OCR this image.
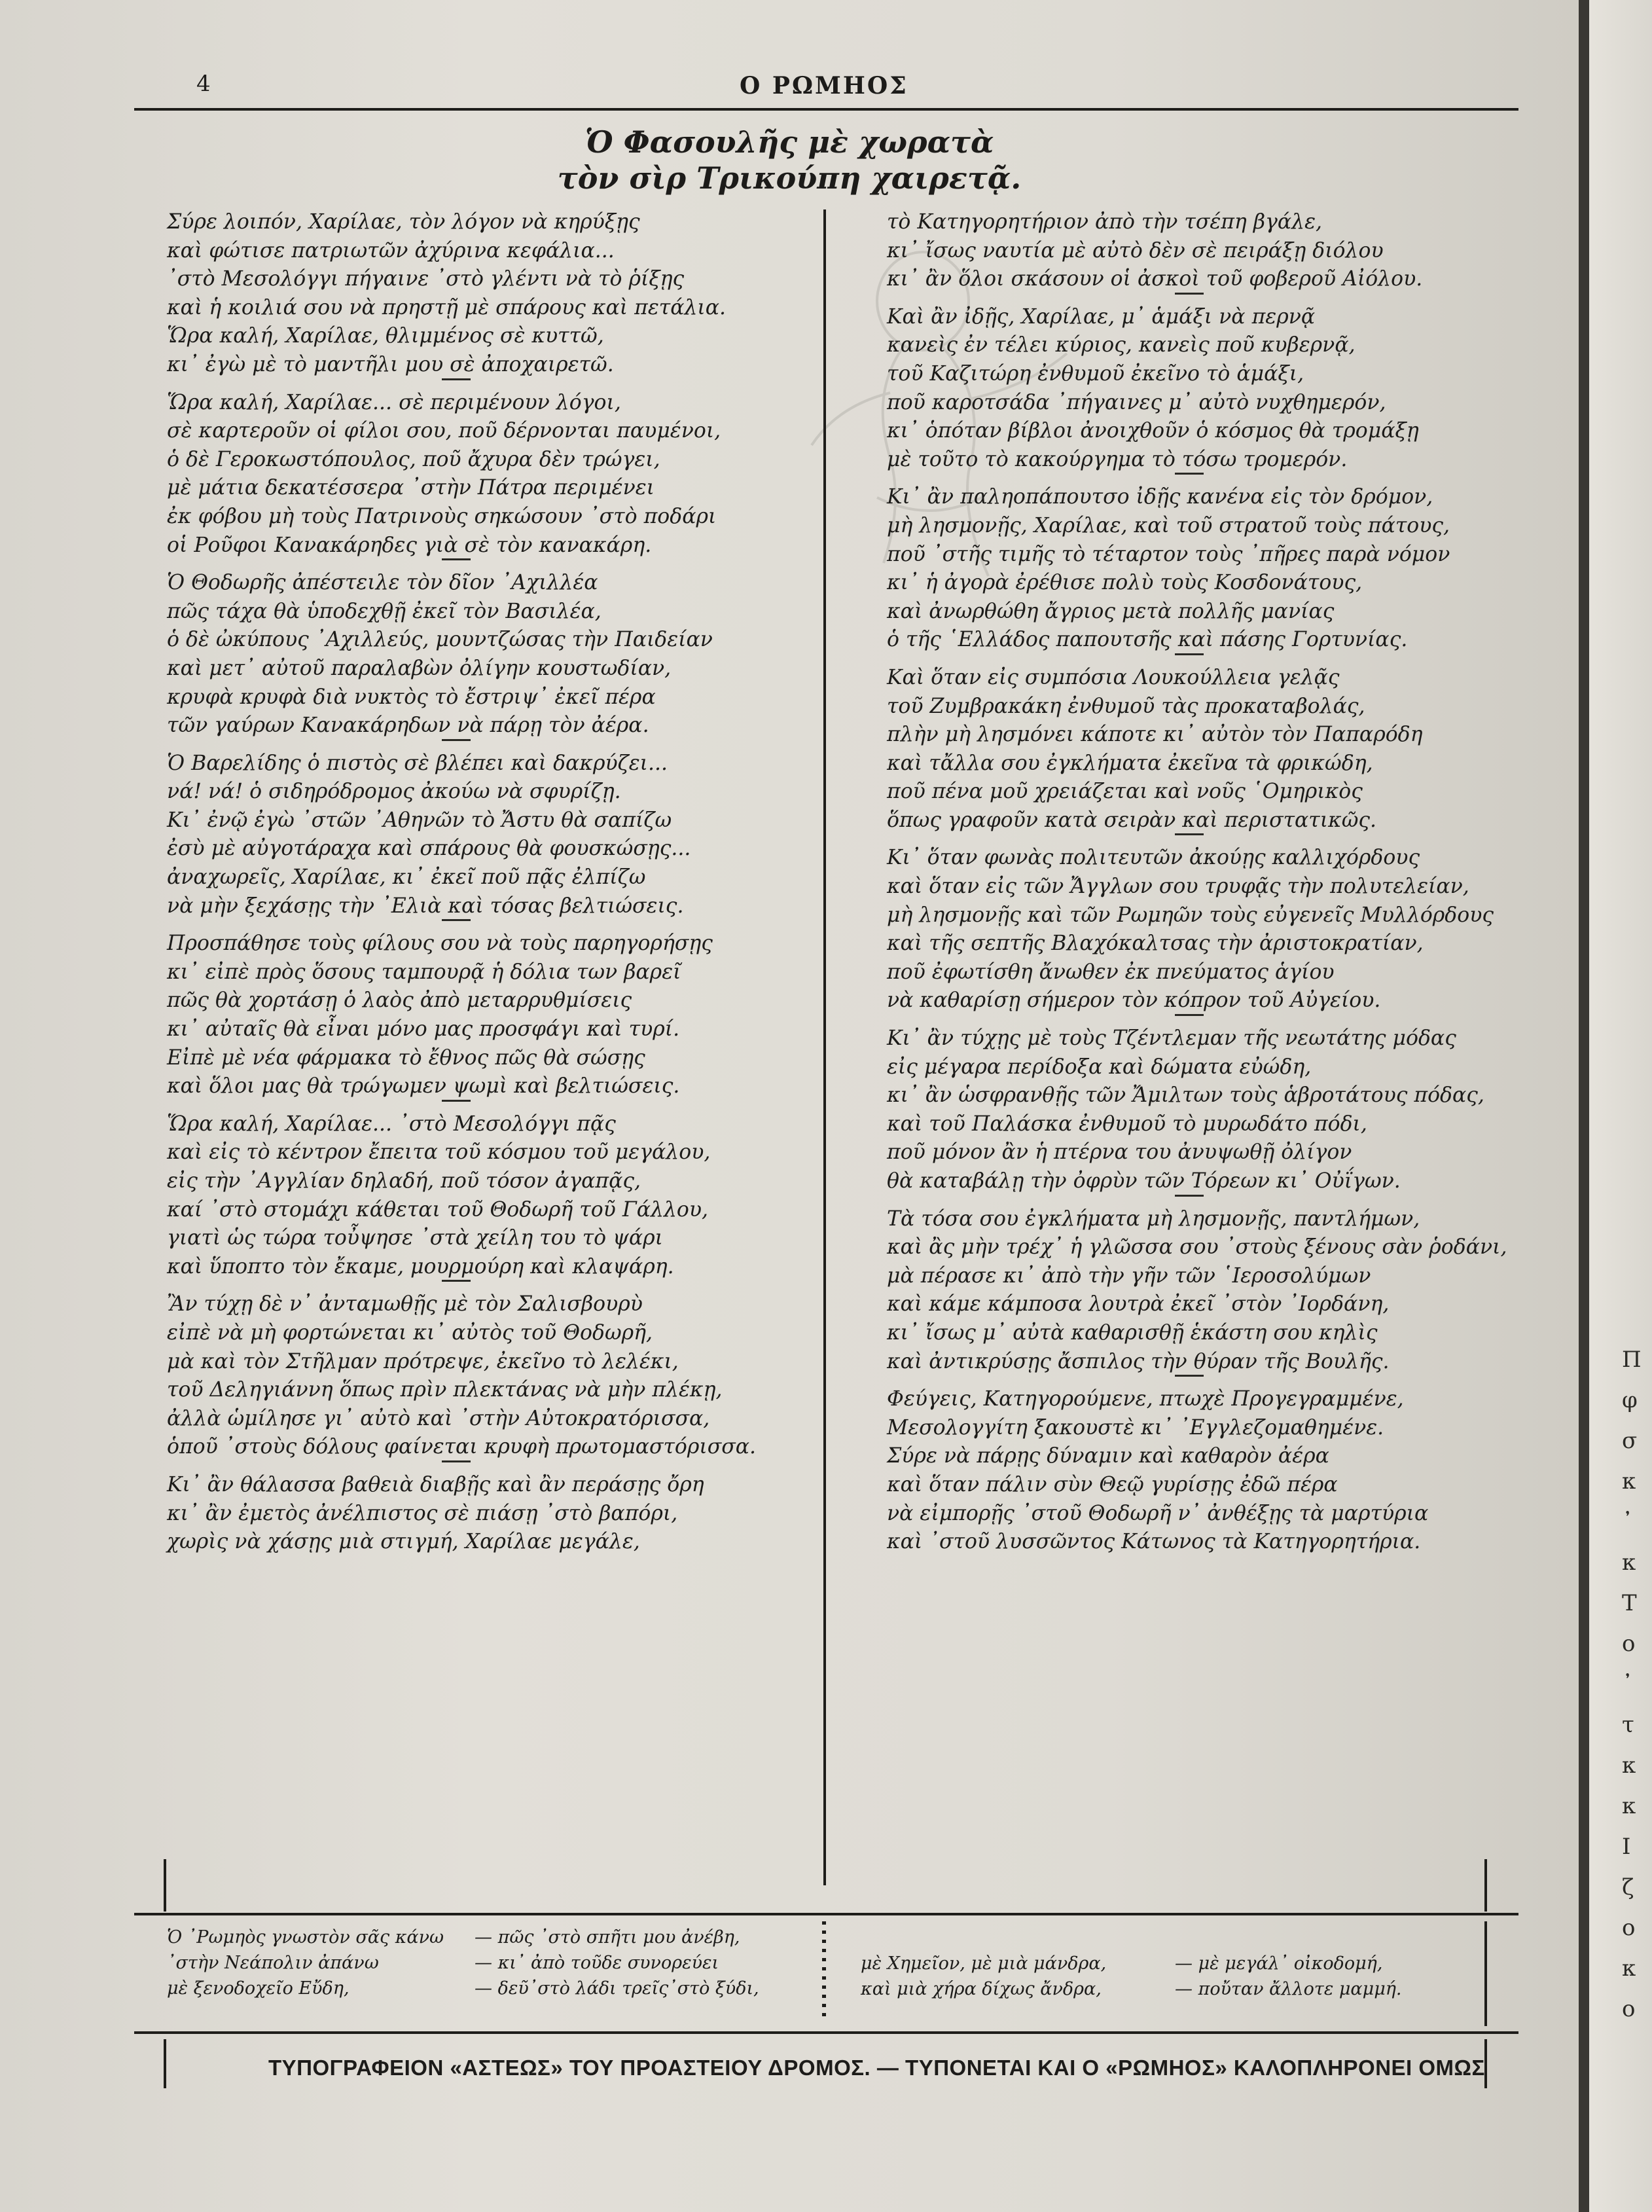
4	Ο ΡΩΜΗΟΣ
Ὁ Φασουλῆς μὲ χωρατὰ
τὸν σὶρ Τρικούπη χαιρετᾷ.

Σύρε λοιπόν, Χαρίλαε, τὸν λόγον νὰ κηρύξῃς

καὶ φώτισε πατριωτῶν ἀχύρινα κεφάλια...

᾽στὸ Μεσολόγγι πήγαινε ᾽στὸ γλέντι νὰ τὸ ῥίξῃς

καὶ ἡ κοιλιά σου νὰ πρηστῇ μὲ σπάρους καὶ πετάλια.

Ὥρα καλή, Χαρίλαε, θλιμμένος σὲ κυττῶ,

κι᾽ ἐγὼ μὲ τὸ μαντῆλι μου σὲ ἀποχαιρετῶ.

Ὥρα καλή, Χαρίλαε... σὲ περιμένουν λόγοι,

σὲ καρτεροῦν οἱ φίλοι σου, ποῦ δέρνονται παυμένοι,

ὁ δὲ Γεροκωστόπουλος, ποῦ ἄχυρα δὲν τρώγει,

μὲ μάτια δεκατέσσερα ᾽στὴν Πάτρα περιμένει

ἐκ φόβου μὴ τοὺς Πατρινοὺς σηκώσουν ᾽στὸ ποδάρι

οἱ Ροῦφοι Κανακάρηδες γιὰ σὲ τὸν κανακάρη.

Ὁ Θοδωρῆς ἀπέστειλε τὸν δῖον ᾽Αχιλλέα

πῶς τάχα θὰ ὑποδεχθῇ ἐκεῖ τὸν Βασιλέα,

ὁ δὲ ὠκύπους ᾽Αχιλλεύς, μουντζώσας τὴν Παιδείαν

καὶ μετ᾽ αὐτοῦ παραλαβὼν ὀλίγην κουστωδίαν,

κρυφὰ κρυφὰ διὰ νυκτὸς τὸ ἔστριψ᾽ ἐκεῖ πέρα

τῶν γαύρων Κανακάρηδων νὰ πάρῃ τὸν ἀέρα.

Ὁ Βαρελίδης ὁ πιστὸς σὲ βλέπει καὶ δακρύζει...

νά! νά! ὁ σιδηρόδρομος ἀκούω νὰ σφυρίζῃ.

Κι᾽ ἐνῷ ἐγὼ ᾽στῶν ᾽Αθηνῶν τὸ Ἄστυ θὰ σαπίζω

ἐσὺ μὲ αὐγοτάραχα καὶ σπάρους θὰ φουσκώσῃς...

ἀναχωρεῖς, Χαρίλαε, κι᾽ ἐκεῖ ποῦ πᾷς ἐλπίζω

νὰ μὴν ξεχάσῃς τὴν ᾽Ελιὰ καὶ τόσας βελτιώσεις.

Προσπάθησε τοὺς φίλους σου νὰ τοὺς παρηγορήσῃς

κι᾽ εἰπὲ πρὸς ὅσους ταμπουρᾷ ἡ δόλια των βαρεῖ

πῶς θὰ χορτάσῃ ὁ λαὸς ἀπὸ μεταρρυθμίσεις

κι᾽ αὐταῖς θὰ εἶναι μόνο μας προσφάγι καὶ τυρί.

Εἰπὲ μὲ νέα φάρμακα τὸ ἔθνος πῶς θὰ σώσῃς

καὶ ὅλοι μας θὰ τρώγωμεν ψωμὶ καὶ βελτιώσεις.

Ὥρα καλή, Χαρίλαε... ᾽στὸ Μεσολόγγι πᾷς

καὶ εἰς τὸ κέντρον ἔπειτα τοῦ κόσμου τοῦ μεγάλου,

εἰς τὴν ᾽Αγγλίαν δηλαδή, ποῦ τόσον ἀγαπᾷς,

καί ᾽στὸ στομάχι κάθεται τοῦ Θοδωρῆ τοῦ Γάλλου,

γιατὶ ὡς τώρα τοὖψησε ᾽στὰ χείλη του τὸ ψάρι

καὶ ὕποπτο τὸν ἔκαμε, μουρμούρη καὶ κλαψάρη.

Ἂν τύχῃ δὲ ν᾽ ἀνταμωθῇς μὲ τὸν Σαλισβουρὺ

εἰπὲ νὰ μὴ φορτώνεται κι᾽ αὐτὸς τοῦ Θοδωρῆ,

μὰ καὶ τὸν Στῆλμαν πρότρεψε, ἐκεῖνο τὸ λελέκι,

τοῦ Δεληγιάννη ὅπως πρὶν πλεκτάνας νὰ μὴν πλέκῃ,

ἀλλὰ ὡμίλησε γι᾽ αὐτὸ καὶ ᾽στὴν Αὐτοκρατόρισσα,

ὁποῦ ᾽στοὺς δόλους φαίνεται κρυφὴ πρωτομαστόρισσα.

Κι᾽ ἂν θάλασσα βαθειὰ διαβῇς καὶ ἂν περάσῃς ὄρη

κι᾽ ἂν ἐμετὸς ἀνέλπιστος σὲ πιάσῃ ᾽στὸ βαπόρι,

χωρὶς νὰ χάσῃς μιὰ στιγμή, Χαρίλαε μεγάλε,

τὸ Κατηγορητήριον ἀπὸ τὴν τσέπη βγάλε,

κι᾽ ἴσως ναυτία μὲ αὐτὸ δὲν σὲ πειράξῃ διόλου

κι᾽ ἂν ὅλοι σκάσουν οἱ ἀσκοὶ τοῦ φοβεροῦ Αἰόλου.

Καὶ ἂν ἰδῇς, Χαρίλαε, μ᾽ ἁμάξι νὰ περνᾷ

κανεὶς ἐν τέλει κύριος, κανεὶς ποῦ κυβερνᾷ,

τοῦ Καζιτώρη ἐνθυμοῦ ἐκεῖνο τὸ ἁμάξι,

ποῦ καροτσάδα ᾽πήγαινες μ᾽ αὐτὸ νυχθημερόν,

κι᾽ ὁπόταν βίβλοι ἀνοιχθοῦν ὁ κόσμος θὰ τρομάξῃ

μὲ τοῦτο τὸ κακούργημα τὸ τόσω τρομερόν.

Κι᾽ ἂν παληοπάπουτσο ἰδῇς κανένα εἰς τὸν δρόμον,

μὴ λησμονῇς, Χαρίλαε, καὶ τοῦ στρατοῦ τοὺς πάτους,

ποῦ ᾽στῆς τιμῆς τὸ τέταρτον τοὺς ᾽πῆρες παρὰ νόμον

κι᾽ ἡ ἀγορὰ ἐρέθισε πολὺ τοὺς Κοσδονάτους,

καὶ ἀνωρθώθη ἄγριος μετὰ πολλῆς μανίας

ὁ τῆς ῾Ελλάδος παπουτσῆς καὶ πάσης Γορτυνίας.

Καὶ ὅταν εἰς συμπόσια Λουκούλλεια γελᾷς

τοῦ Ζυμβρακάκη ἐνθυμοῦ τὰς προκαταβολάς,

πλὴν μὴ λησμόνει κάποτε κι᾽ αὐτὸν τὸν Παπαρόδη

καὶ τἄλλα σου ἐγκλήματα ἐκεῖνα τὰ φρικώδη,

ποῦ πένα μοῦ χρειάζεται καὶ νοῦς ῾Ομηρικὸς

ὅπως γραφοῦν κατὰ σειρὰν καὶ περιστατικῶς.

Κι᾽ ὅταν φωνὰς πολιτευτῶν ἀκούῃς καλλιχόρδους

καὶ ὅταν εἰς τῶν Ἄγγλων σου τρυφᾷς τὴν πολυτελείαν,

μὴ λησμονῇς καὶ τῶν Ρωμηῶν τοὺς εὐγενεῖς Μυλλόρδους

καὶ τῆς σεπτῆς Βλαχόκαλτσας τὴν ἀριστοκρατίαν,

ποῦ ἐφωτίσθη ἄνωθεν ἐκ πνεύματος ἁγίου

νὰ καθαρίσῃ σήμερον τὸν κόπρον τοῦ Αὐγείου.

Κι᾽ ἂν τύχῃς μὲ τοὺς Τζέντλεμαν τῆς νεωτάτης μόδας

εἰς μέγαρα περίδοξα καὶ δώματα εὐώδη,

κι᾽ ἂν ὡσφρανθῇς τῶν Ἄμιλτων τοὺς ἁβροτάτους πόδας,

καὶ τοῦ Παλάσκα ἐνθυμοῦ τὸ μυρωδάτο πόδι,

ποῦ μόνον ἂν ἡ πτέρνα του ἀνυψωθῇ ὀλίγον

θὰ καταβάλῃ τὴν ὀφρὺν τῶν Τόρεων κι᾽ Οὐΐγων.

Τὰ τόσα σου ἐγκλήματα μὴ λησμονῇς, παντλήμων,

καὶ ἂς μὴν τρέχ᾽ ἡ γλῶσσα σου ᾽στοὺς ξένους σὰν ῥοδάνι,

μὰ πέρασε κι᾽ ἀπὸ τὴν γῆν τῶν ῾Ιεροσολύμων

καὶ κάμε κάμποσα λουτρὰ ἐκεῖ ᾽στὸν ᾽Ιορδάνη,

κι᾽ ἴσως μ᾽ αὐτὰ καθαρισθῇ ἑκάστη σου κηλὶς

καὶ ἀντικρύσῃς ἄσπιλος τὴν θύραν τῆς Βουλῆς.

Φεύγεις, Κατηγορούμενε, πτωχὲ Προγεγραμμένε,

Μεσολογγίτη ξακουστὲ κι᾽ ᾽Εγγλεζομαθημένε.

Σύρε νὰ πάρῃς δύναμιν καὶ καθαρὸν ἀέρα

καὶ ὅταν πάλιν σὺν Θεῷ γυρίσῃς ἐδῶ πέρα

νὰ εἰμπορῇς ᾽στοῦ Θοδωρῆ ν᾽ ἀνθέξῃς τὰ μαρτύρια

καὶ ᾽στοῦ λυσσῶντος Κάτωνος τὰ Κατηγορητήρια.

Ὁ ᾽Ρωμηὸς γνωστὸν σᾶς κάνω — πῶς ᾽στὸ σπῆτι μου ἀνέβη,
᾽στὴν Νεάπολιν ἀπάνω	— κι᾽ ἀπὸ τοῦδε συνορεύει
μὲ ξενοδοχεῖο Εὔδη,	— δεῦ᾽στὸ λάδι τρεῖς᾽στὸ ξύδι,
μὲ Χημεῖον, μὲ μιὰ μάνδρα,	— μὲ μεγάλ᾽ οἰκοδομή,
καὶ μιὰ χήρα δίχως ἄνδρα,	— ποὔταν ἄλλοτε μαμμή.
ΤΥΠΟΓΡΑΦΕΙΟΝ «ΑΣΤΕΩΣ» ΤΟΥ ΠΡΟΑΣΤΕΙΟΥ ΔΡΟΜΟΣ. — ΤΥΠΟΝΕΤΑΙ ΚΑΙ Ο «ΡΩΜΗΟΣ» ΚΑΛΟΠΛΗΡΟΝΕΙ ΟΜΩΣ
Π
φ
σ
κ
᾽
κ
Τ
ο
᾽
τ
κ
κ
Ι
ζ
ο
κ
ο
